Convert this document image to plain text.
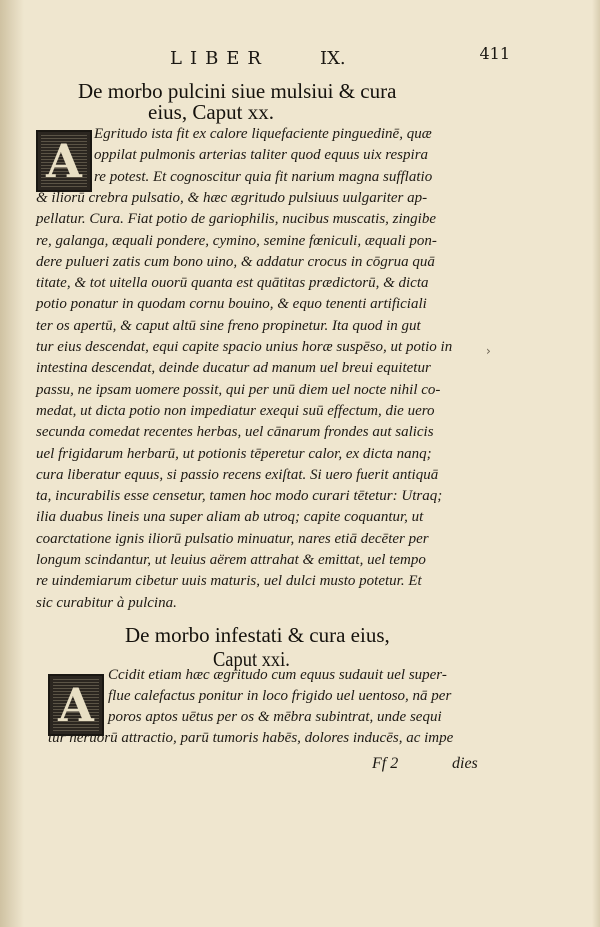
LIBER	IX.	411
De morbo pulcini siue mulsiui & cura
eius, Caput xx.
A Egritudo ista fit ex calore liquefaciente pinguedinē, quæ
oppilat pulmonis arterias taliter quod equus uix respira
re potest. Et cognoscitur quia fit narium magna sufflatio
& iliorū crebra pulsatio, & hæc ægritudo pulsiuus uulgariter ap-
pellatur. Cura. Fiat potio de gariophilis, nucibus muscatis, zingibe
re, galanga, æquali pondere, cymino, semine fœniculi, æquali pon-
dere pulueri zatis cum bono uino, & addatur crocus in cōgrua quā
titate, & tot uitella ouorū quanta est quātitas prædictorū, & dicta
potio ponatur in quodam cornu bouino, & equo tenenti artificiali
ter os apertū, & caput altū sine freno propinetur. Ita quod in gut
tur eius descendat, equi capite spacio unius horæ suspēso, ut potio in
intestina descendat, deinde ducatur ad manum uel breui equitetur
passu, ne ipsam uomere possit, qui per unū diem uel nocte nihil co-
medat, ut dicta potio non impediatur exequi suū effectum, die uero
secunda comedat recentes herbas, uel cānarum frondes aut salicis
uel frigidarum herbarū, ut potionis tēperetur calor, ex dicta nanq;
cura liberatur equus, si passio recens exiſtat. Si uero fuerit antiquā
ta, incurabilis esse censetur, tamen hoc modo curari tētetur: Utraq;
ilia duabus lineis una super aliam ab utroq; capite coquantur, ut
coarctatione ignis iliorū pulsatio minuatur, nares etiā decēter per
longum scindantur, ut leuius aërem attrahat & emittat, uel tempo
re uindemiarum cibetur uuis maturis, uel dulci musto potetur. Et
sic curabitur à pulcina.
De morbo infestati & cura eius,
Caput xxi.
A
Ccidit etiam hæc ægritudo cum equus sudauit uel super-
flue calefactus ponitur in loco frigido uel uentoso, nā per
poros aptos uētus per os & mēbra subintrat, unde sequi
tur neruorū attractio, parū tumoris habēs, dolores inducēs, ac impe
›
Ff 2	dies
